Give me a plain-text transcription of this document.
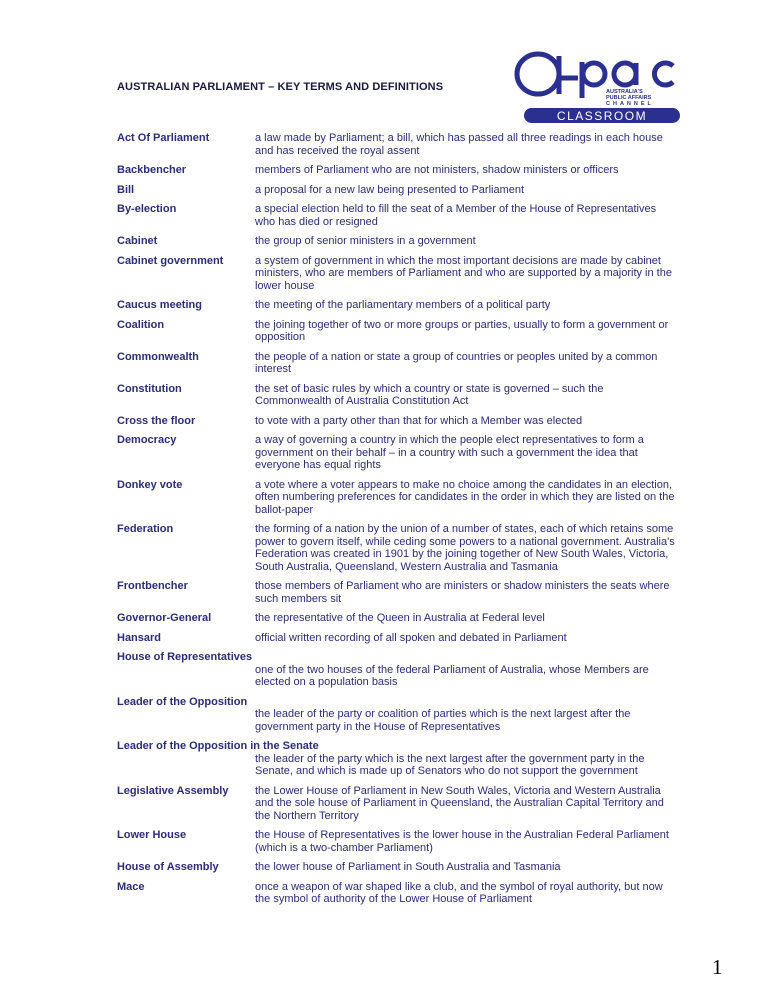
AUSTRALIAN PARLIAMENT – KEY TERMS AND DEFINITIONS	AUSTRALIA'S
PUBLIC AFFAIRS
CHANNEL
CLASSROOM
Act Of Parliament	a law made by Parliament; a bill, which has passed all three readings in each house and has received the royal assent
Backbencher	members of Parliament who are not ministers, shadow ministers or officers
Bill	a proposal for a new law being presented to Parliament
By-election	a special election held to fill the seat of a Member of the House of Representatives who has died or resigned
Cabinet	the group of senior ministers in a government
Cabinet government	a system of government in which the most important decisions are made by cabinet ministers, who are members of Parliament and who are supported by a majority in the lower house
Caucus meeting	the meeting of the parliamentary members of a political party
Coalition	the joining together of two or more groups or parties, usually to form a government or opposition
Commonwealth	the people of a nation or state a group of countries or peoples united by a common interest
Constitution	the set of basic rules by which a country or state is governed – such the Commonwealth of Australia Constitution Act
Cross the floor	to vote with a party other than that for which a Member was elected
Democracy	a way of governing a country in which the people elect representatives to form a government on their behalf – in a country with such a government the idea that everyone has equal rights
Donkey vote	a vote where a voter appears to make no choice among the candidates in an election, often numbering preferences for candidates in the order in which they are listed on the ballot-paper
Federation	the forming of a nation by the union of a number of states, each of which retains some power to govern itself, while ceding some powers to a national government. Australia's Federation was created in 1901 by the joining together of New South Wales, Victoria, South Australia, Queensland, Western Australia and Tasmania
Frontbencher	those members of Parliament who are ministers or shadow ministers the seats where such members sit
Governor-General	the representative of the Queen in Australia at Federal level
Hansard	official written recording of all spoken and debated in Parliament
House of Representatives
one of the two houses of the federal Parliament of Australia, whose Members are elected on a population basis
Leader of the Opposition
the leader of the party or coalition of parties which is the next largest after the government party in the House of Representatives
Leader of the Opposition in the Senate
the leader of the party which is the next largest after the government party in the Senate, and which is made up of Senators who do not support the government
Legislative Assembly	the Lower House of Parliament in New South Wales, Victoria and Western Australia and the sole house of Parliament in Queensland, the Australian Capital Territory and the Northern Territory
Lower House	the House of Representatives is the lower house in the Australian Federal Parliament (which is a two-chamber Parliament)
House of Assembly	the lower house of Parliament in South Australia and Tasmania
Mace	once a weapon of war shaped like a club, and the symbol of royal authority, but now the symbol of authority of the Lower House of Parliament
1
